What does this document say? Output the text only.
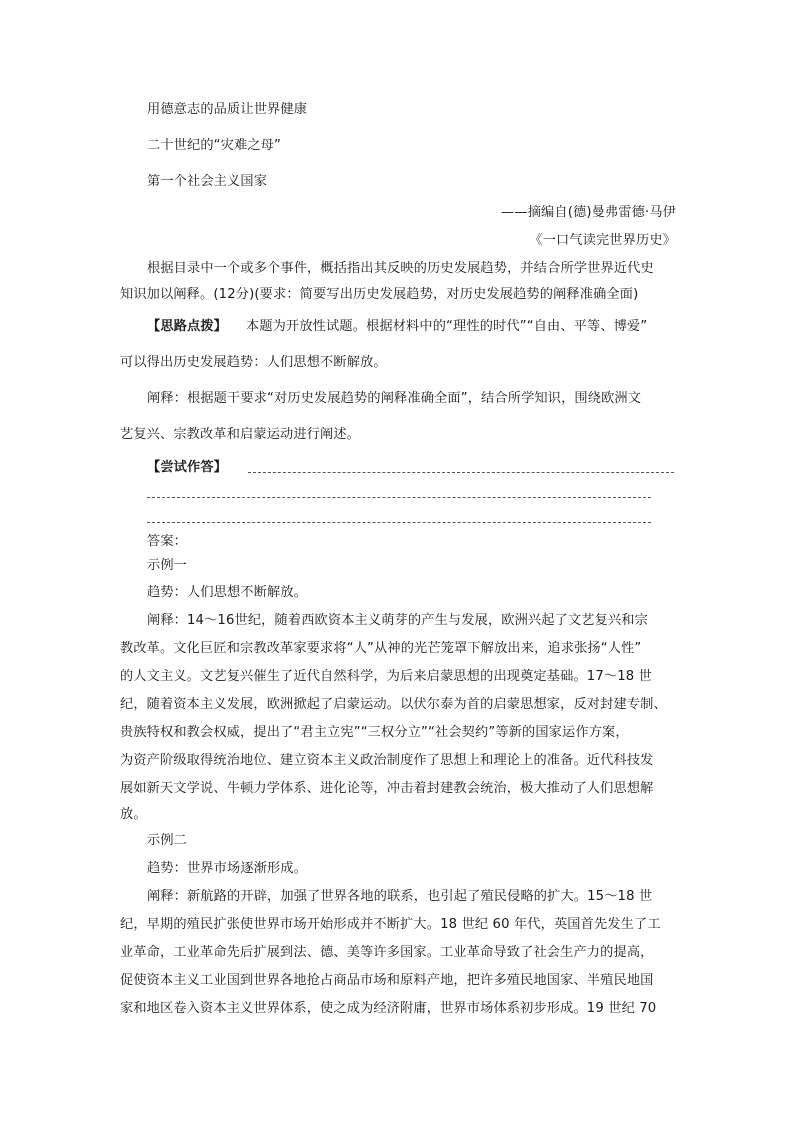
用德意志的品质让世界健康
二十世纪的“灾难之母”
第一个社会主义国家
——摘编自(德)曼弗雷德·马伊
《一口气读完世界历史》
根据目录中一个或多个事件，概括指出其反映的历史发展趋势，并结合所学世界近代史
知识加以阐释。(12分)(要求：简要写出历史发展趋势，对历史发展趋势的阐释准确全面)
【思路点拨】	本题为开放性试题。根据材料中的“理性的时代”“自由、平等、博爱”
可以得出历史发展趋势：人们思想不断解放。
阐释：根据题干要求“对历史发展趋势的阐释准确全面”，结合所学知识，围绕欧洲文
艺复兴、宗教改革和启蒙运动进行阐述。
【尝试作答】
答案：
示例一
趋势：人们思想不断解放。
阐释：14～16世纪，随着西欧资本主义萌芽的产生与发展，欧洲兴起了文艺复兴和宗
教改革。文化巨匠和宗教改革家要求将“人”从神的光芒笼罩下解放出来，追求张扬“人性”
的人文主义。文艺复兴催生了近代自然科学，为后来启蒙思想的出现奠定基础。17～18 世
纪，随着资本主义发展，欧洲掀起了启蒙运动。以伏尔泰为首的启蒙思想家，反对封建专制、
贵族特权和教会权威，提出了“君主立宪”“三权分立”“社会契约”等新的国家运作方案，
为资产阶级取得统治地位、建立资本主义政治制度作了思想上和理论上的准备。近代科技发
展如新天文学说、牛顿力学体系、进化论等，冲击着封建教会统治，极大推动了人们思想解
放。
示例二
趋势：世界市场逐渐形成。
阐释：新航路的开辟，加强了世界各地的联系，也引起了殖民侵略的扩大。15～18 世
纪，早期的殖民扩张使世界市场开始形成并不断扩大。18 世纪 60 年代，英国首先发生了工
业革命，工业革命先后扩展到法、德、美等许多国家。工业革命导致了社会生产力的提高，
促使资本主义工业国到世界各地抢占商品市场和原料产地，把许多殖民地国家、半殖民地国
家和地区卷入资本主义世界体系，使之成为经济附庸，世界市场体系初步形成。19 世纪 70
